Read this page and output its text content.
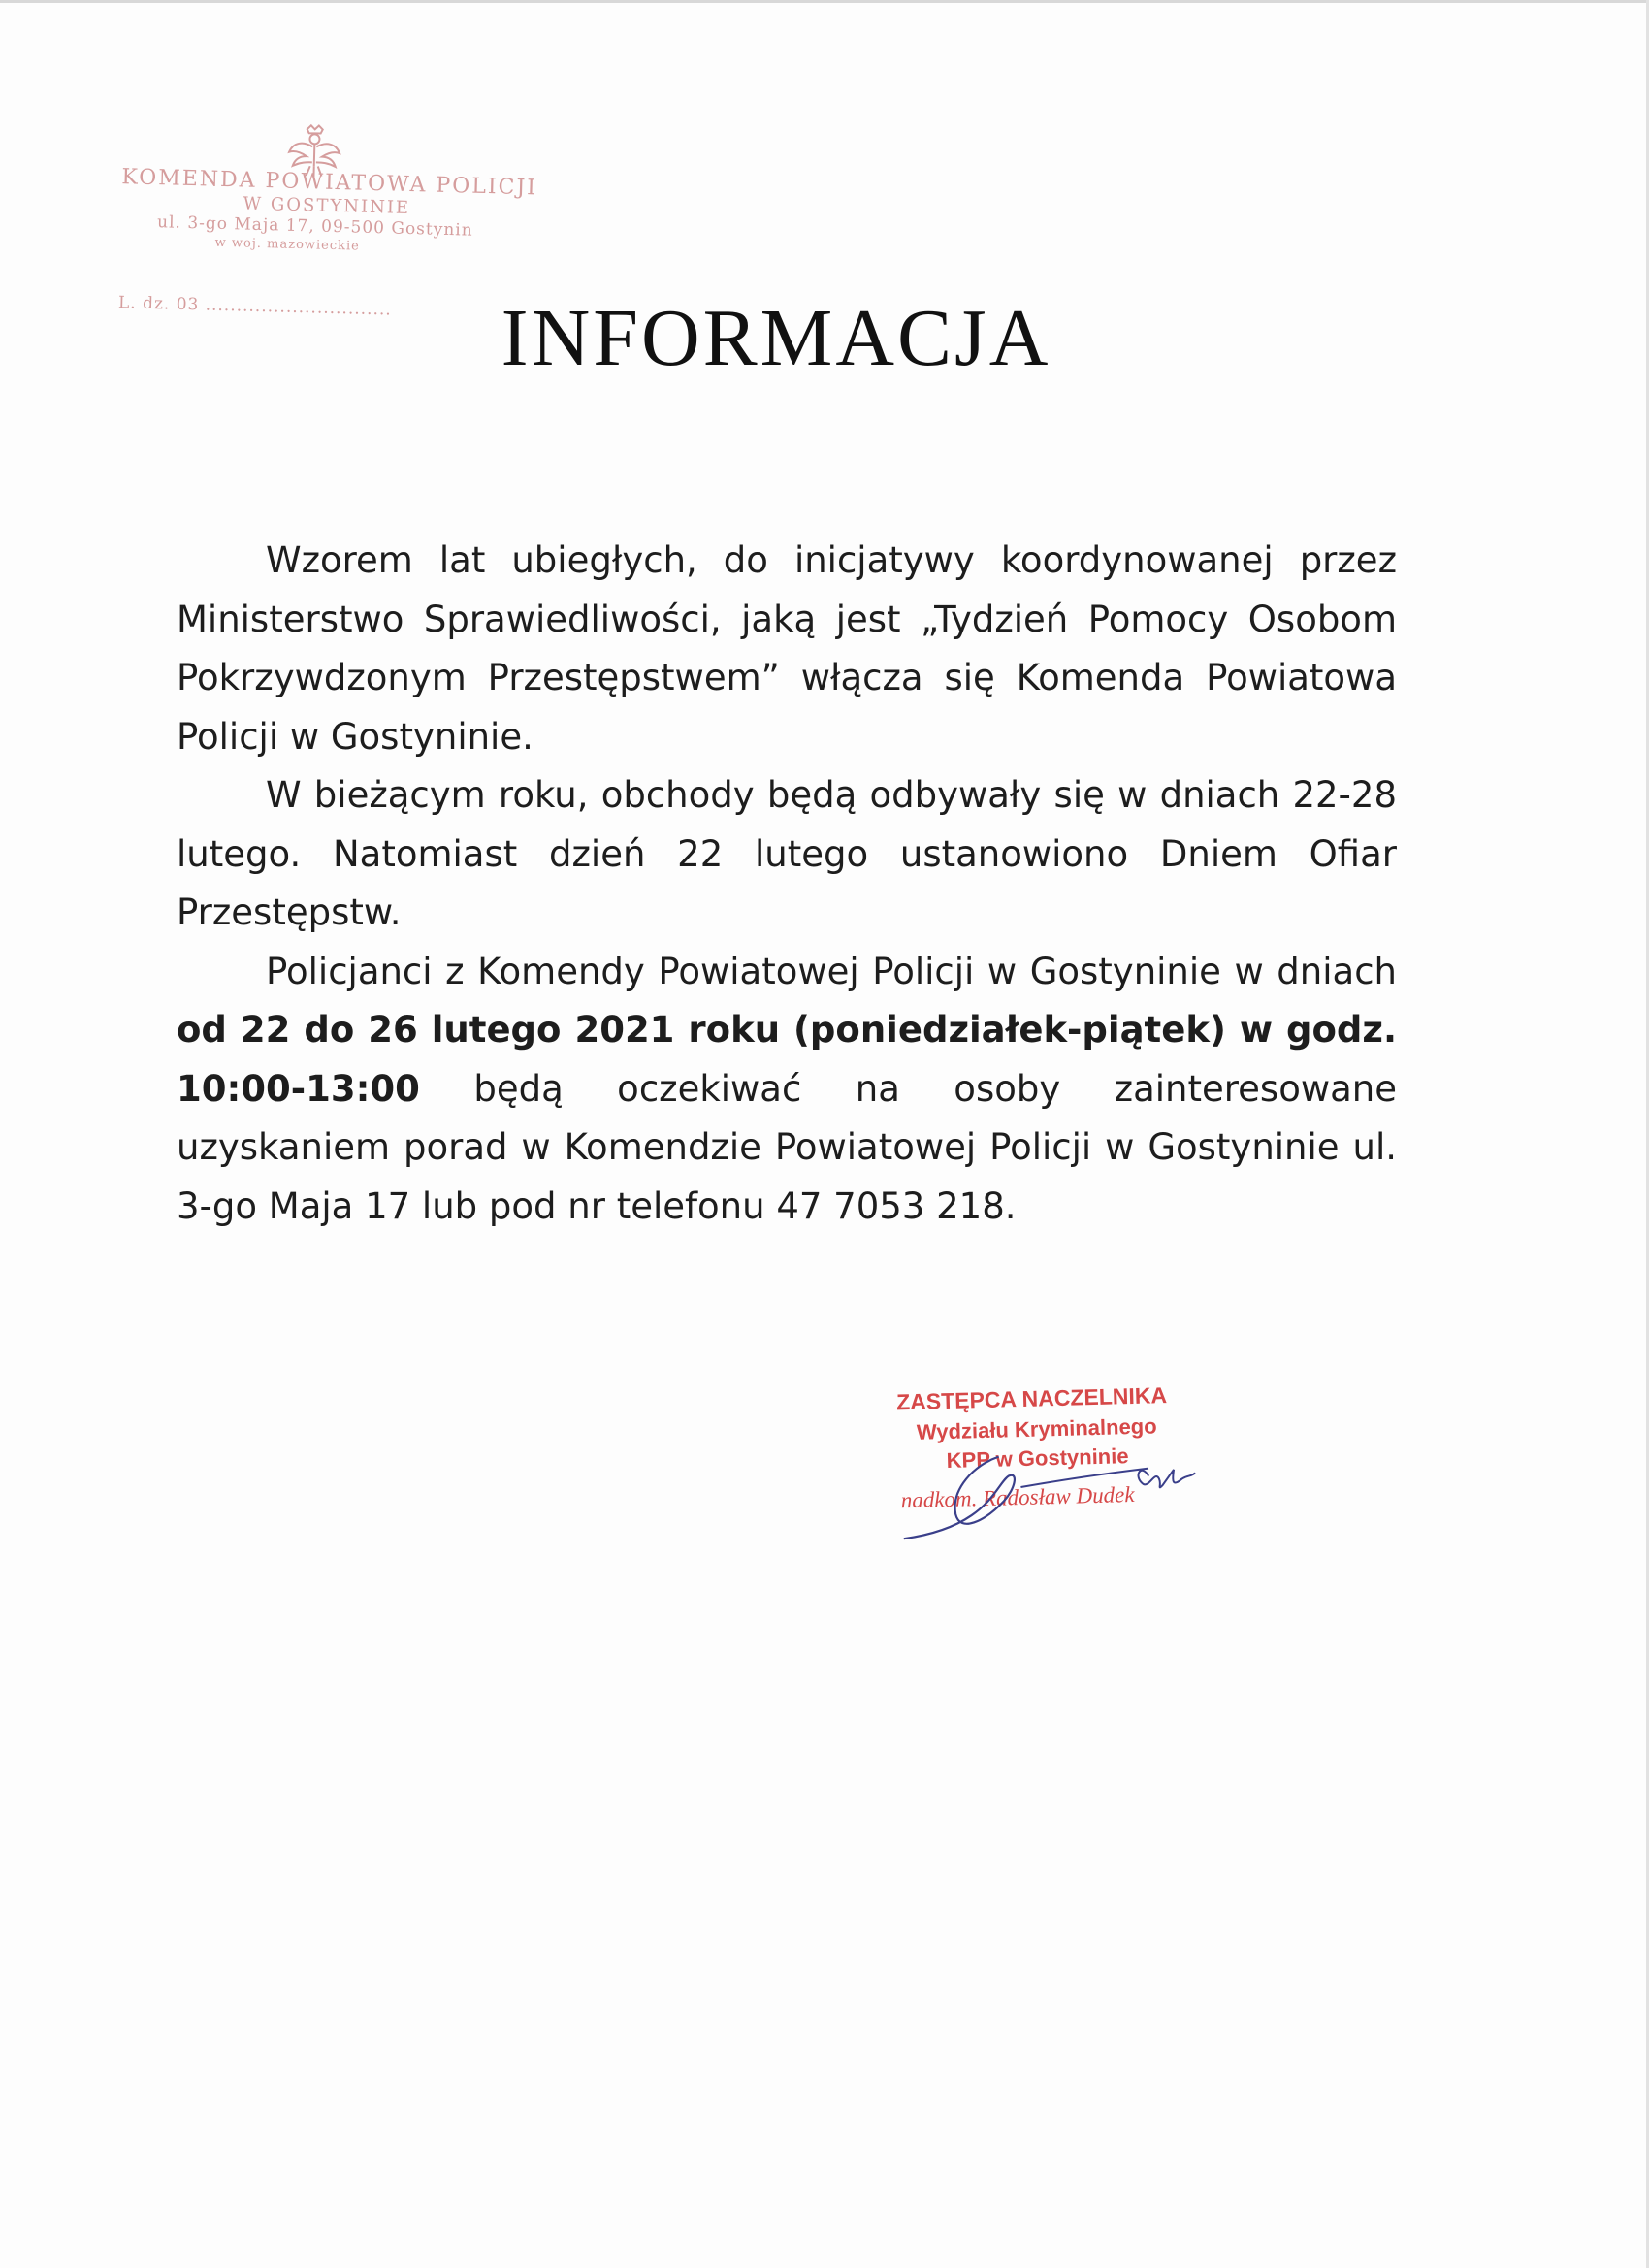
KOMENDA POWIATOWA POLICJI
W GOSTYNINIE
ul. 3-go Maja 17, 09-500 Gostynin
w woj. mazowieckie
L. dz. 03 ..............................	INFORMACJA

Wzorem lat ubiegłych, do inicjatywy koordynowanej przez Ministerstwo Sprawiedliwości, jaką jest „Tydzień Pomocy Osobom Pokrzywdzonym Przestępstwem” włącza się Komenda Powiatowa Policji w Gostyninie.

W bieżącym roku, obchody będą odbywały się w dniach 22-28 lutego. Natomiast dzień 22 lutego ustanowiono Dniem Ofiar Przestępstw.

Policjanci z Komendy Powiatowej Policji w Gostyninie w dniach od 22 do 26 lutego 2021 roku (poniedziałek-piątek) w godz. 10:00-13:00 będą oczekiwać na osoby zainteresowane uzyskaniem porad w Komendzie Powiatowej Policji w Gostyninie ul. 3-go Maja 17 lub pod nr telefonu 47 7053 218.

ZASTĘPCA NACZELNIKA
Wydziału Kryminalnego
KPP w Gostyninie
nadkom. Radosław Dudek
